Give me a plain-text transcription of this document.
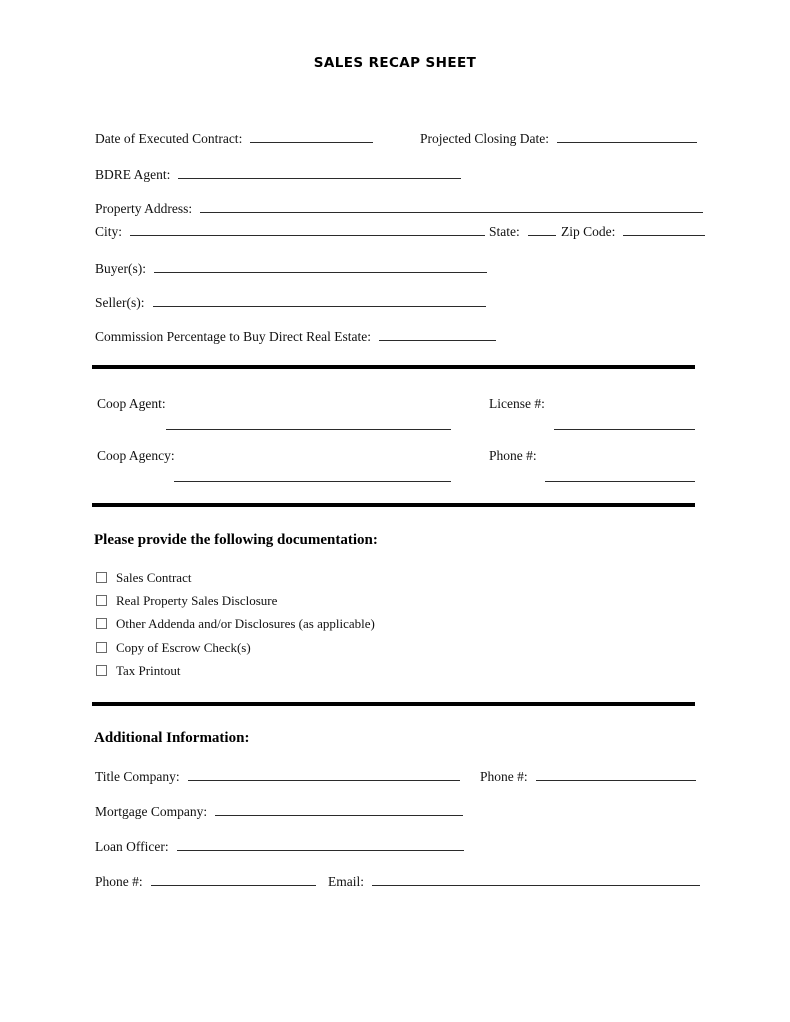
SALES RECAP SHEET
Date of Executed Contract:	Projected Closing Date:
BDRE Agent:
Property Address:
City:	State:	Zip Code:
Buyer(s):
Seller(s):
Commission Percentage to Buy Direct Real Estate:
Coop Agent:	License #:
Coop Agency:	Phone #:
Please provide the following documentation:
Sales Contract
Real Property Sales Disclosure
Other Addenda and/or Disclosures (as applicable)
Copy of Escrow Check(s)
Tax Printout
Additional Information:
Title Company:	Phone #:
Mortgage Company:
Loan Officer:
Phone #:	Email:
